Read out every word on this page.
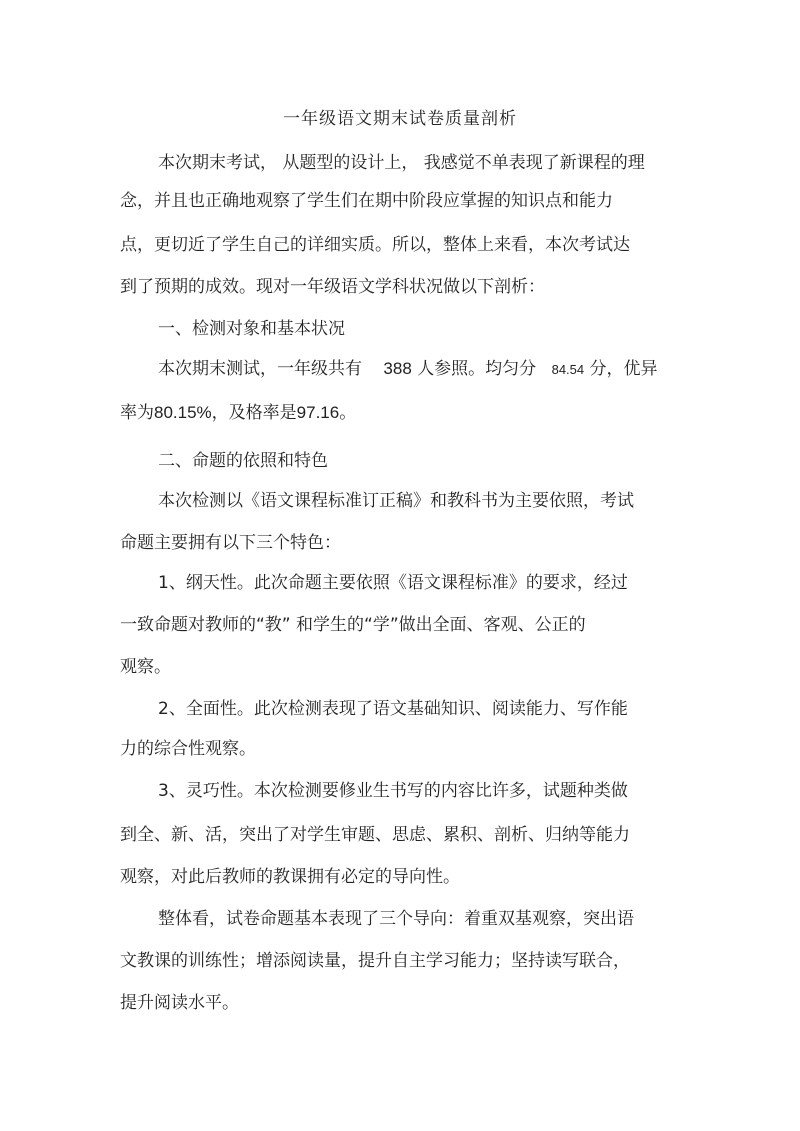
一年级语文期末试卷质量剖析
本次期末考试， 从题型的设计上， 我感觉不单表现了新课程的理
念，并且也正确地观察了学生们在期中阶段应掌握的知识点和能力
点，更切近了学生自己的详细实质。所以，整体上来看，本次考试达
到了预期的成效。现对一年级语文学科状况做以下剖析：
一、检测对象和基本状况
本次期末测试，一年级共有 388 人参照。均匀分 84.54 分，优异
率为80.15%，及格率是97.16。
二、命题的依照和特色
本次检测以《语文课程标准订正稿》和教科书为主要依照，考试
命题主要拥有以下三个特色：
1、纲天性。此次命题主要依照《语文课程标准》的要求，经过
一致命题对教师的“教” 和学生的“学”做出全面、客观、公正的
观察。
2、全面性。此次检测表现了语文基础知识、阅读能力、写作能
力的综合性观察。
3、灵巧性。本次检测要修业生书写的内容比许多，试题种类做
到全、新、活，突出了对学生审题、思虑、累积、剖析、归纳等能力
观察，对此后教师的教课拥有必定的导向性。
整体看，试卷命题基本表现了三个导向：着重双基观察，突出语
文教课的训练性；增添阅读量，提升自主学习能力；坚持读写联合，
提升阅读水平。
